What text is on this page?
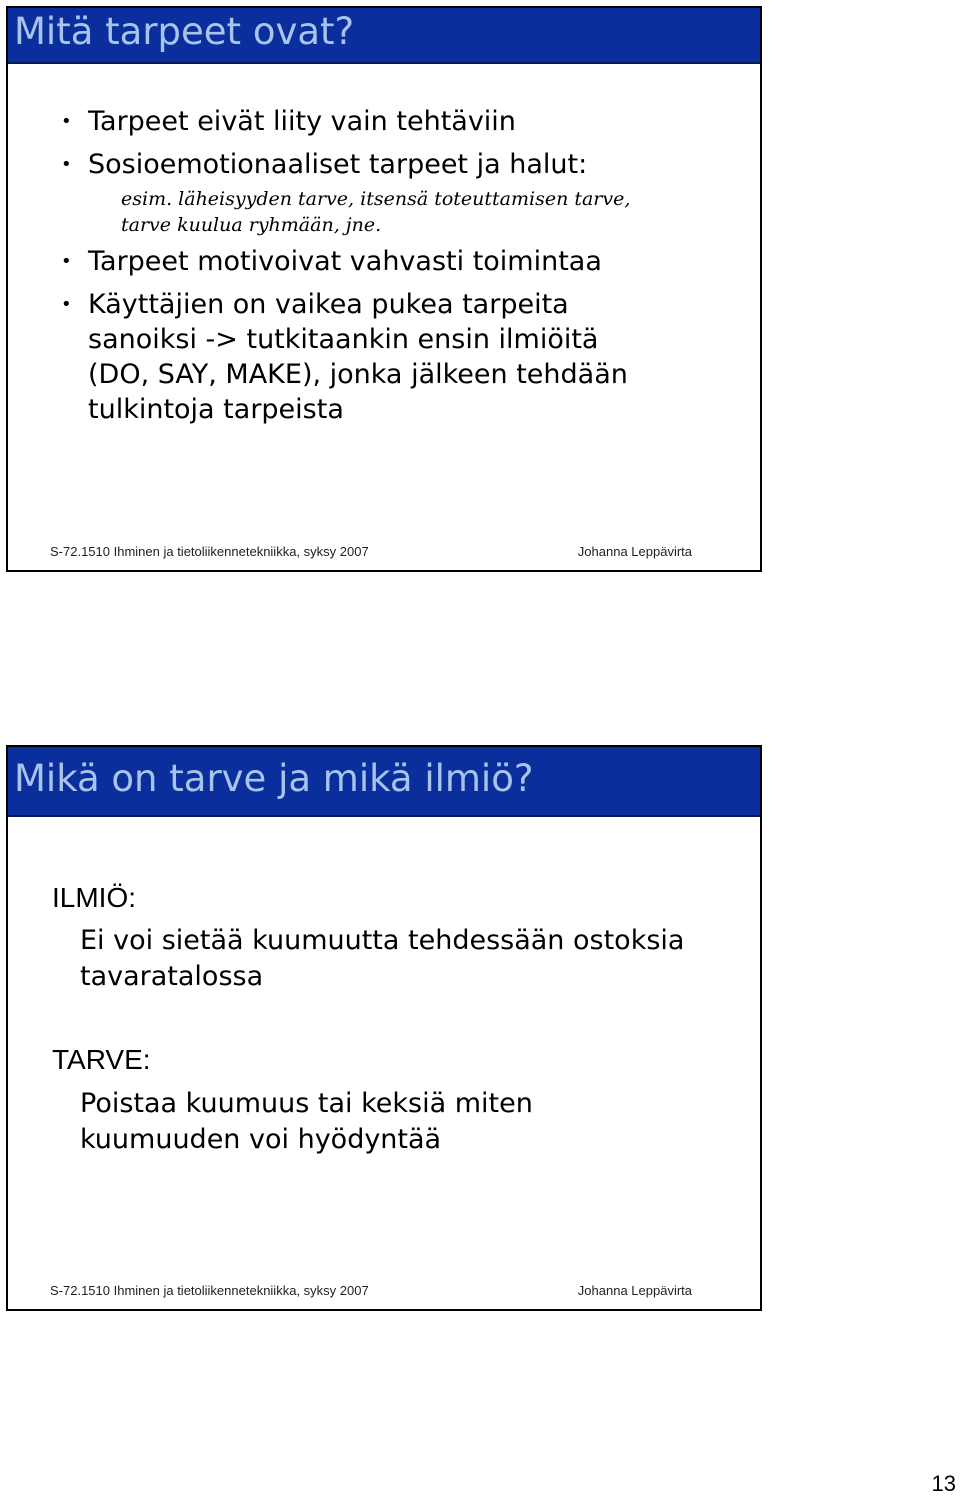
Mitä tarpeet ovat?
• Tarpeet eivät liity vain tehtäviin
• Sosioemotionaaliset tarpeet ja halut:
esim. läheisyyden tarve, itsensä toteuttamisen tarve,
tarve kuulua ryhmään, jne.
• Tarpeet motivoivat vahvasti toimintaa
• Käyttäjien on vaikea pukea tarpeita
sanoiksi -> tutkitaankin ensin ilmiöitä
(DO, SAY, MAKE), jonka jälkeen tehdään
tulkintoja tarpeista
S-72.1510 Ihminen ja tietoliikennetekniikka, syksy 2007	Johanna Leppävirta
Mikä on tarve ja mikä ilmiö?
ILMIÖ:
Ei voi sietää kuumuutta tehdessään ostoksia
tavaratalossa
TARVE:
Poistaa kuumuus tai keksiä miten
kuumuuden voi hyödyntää
S-72.1510 Ihminen ja tietoliikennetekniikka, syksy 2007	Johanna Leppävirta
13
